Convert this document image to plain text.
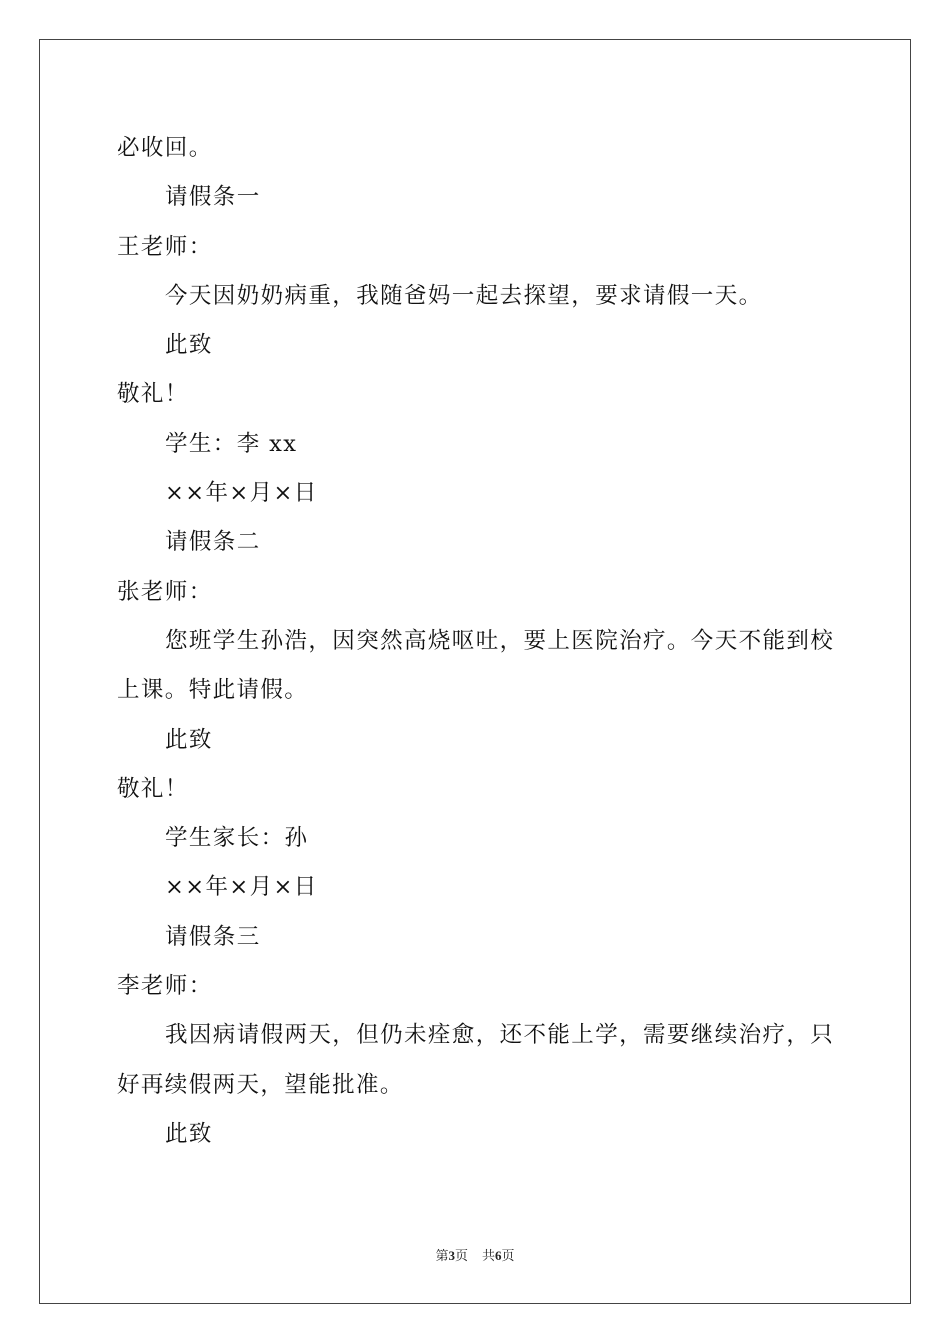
必收回。
请假条一
王老师：
今天因奶奶病重，我随爸妈一起去探望，要求请假一天。
此致
敬礼！
学生：李 xx
××年×月×日
请假条二
张老师：
您班学生孙浩，因突然高烧呕吐，要上医院治疗。今天不能到校
上课。特此请假。
此致
敬礼！
学生家长：孙
××年×月×日
请假条三
李老师：
我因病请假两天，但仍未痊愈，还不能上学，需要继续治疗，只
好再续假两天，望能批准。
此致
第3页 共6页
